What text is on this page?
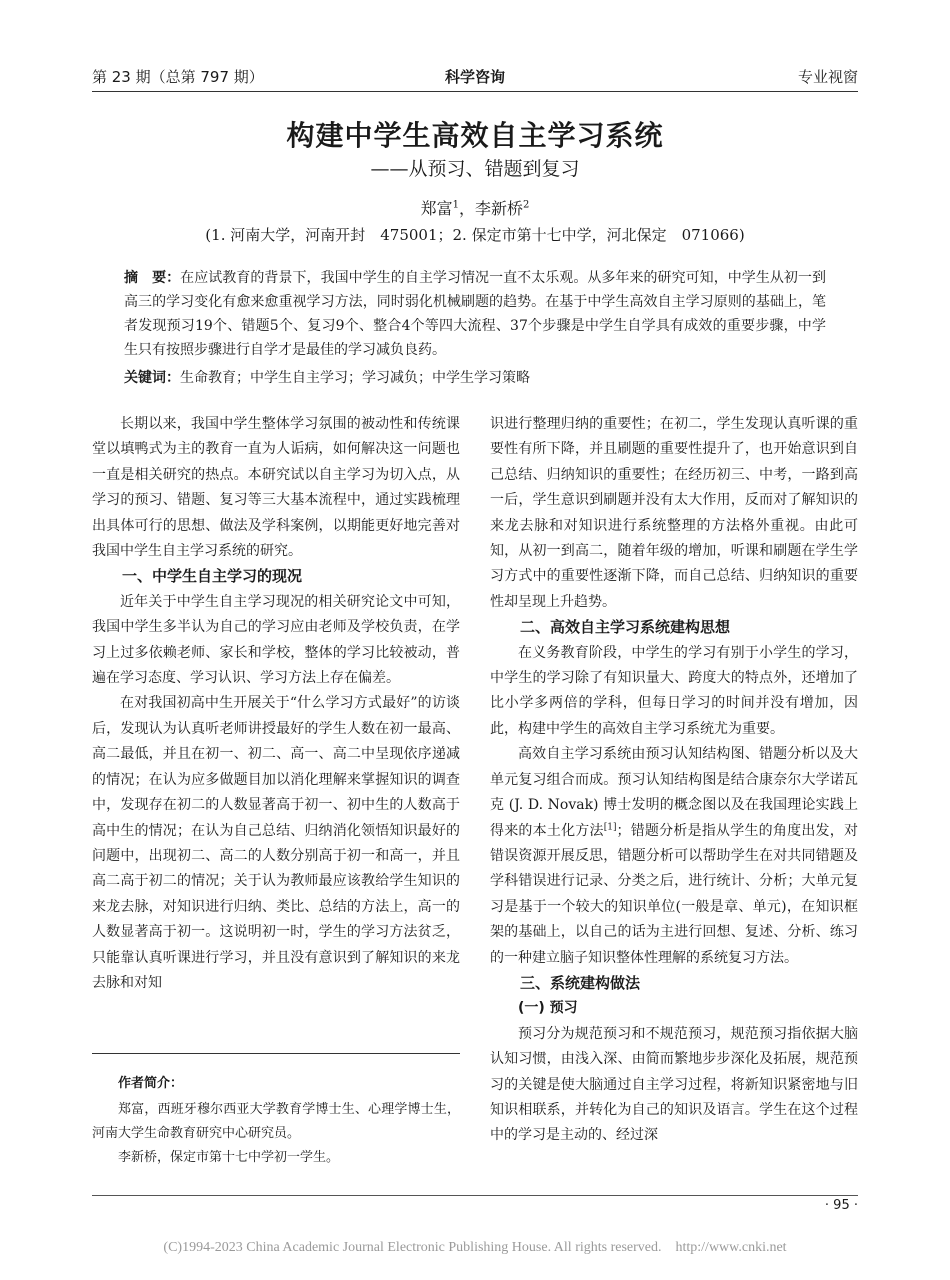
第 23 期（总第 797 期）	科学咨询	专业视窗
构建中学生高效自主学习系统
——从预习、错题到复习
郑富$^1$，李新桥$^2$
(1. 河南大学，河南开封　475001；2. 保定市第十七中学，河北保定　071066)
摘　要：在应试教育的背景下，我国中学生的自主学习情况一直不太乐观。从多年来的研究可知，中学生从初一到高三的学习变化有愈来愈重视学习方法，同时弱化机械刷题的趋势。在基于中学生高效自主学习原则的基础上，笔者发现预习19个、错题5个、复习9个、整合4个等四大流程、37个步骤是中学生自学具有成效的重要步骤，中学生只有按照步骤进行自学才是最佳的学习减负良药。
关键词：生命教育；中学生自主学习；学习减负；中学生学习策略

长期以来，我国中学生整体学习氛围的被动性和传统课堂以填鸭式为主的教育一直为人诟病，如何解决这一问题也一直是相关研究的热点。本研究试以自主学习为切入点，从学习的预习、错题、复习等三大基本流程中，通过实践梳理出具体可行的思想、做法及学科案例，以期能更好地完善对我国中学生自主学习系统的研究。

一、中学生自主学习的现况

近年关于中学生自主学习现况的相关研究论文中可知，我国中学生多半认为自己的学习应由老师及学校负责，在学习上过多依赖老师、家长和学校，整体的学习比较被动，普遍在学习态度、学习认识、学习方法上存在偏差。

在对我国初高中生开展关于“什么学习方式最好”的访谈后，发现认为认真听老师讲授最好的学生人数在初一最高、高二最低，并且在初一、初二、高一、高二中呈现依序递减的情况；在认为应多做题目加以消化理解来掌握知识的调查中，发现存在初二的人数显著高于初一、初中生的人数高于高中生的情况；在认为自己总结、归纳消化领悟知识最好的问题中，出现初二、高二的人数分别高于初一和高一，并且高二高于初二的情况；关于认为教师最应该教给学生知识的来龙去脉，对知识进行归纳、类比、总结的方法上，高一的人数显著高于初一。这说明初一时，学生的学习方法贫乏，只能靠认真听课进行学习，并且没有意识到了解知识的来龙去脉和对知

识进行整理归纳的重要性；在初二，学生发现认真听课的重要性有所下降，并且刷题的重要性提升了，也开始意识到自己总结、归纳知识的重要性；在经历初三、中考，一路到高一后，学生意识到刷题并没有太大作用，反而对了解知识的来龙去脉和对知识进行系统整理的方法格外重视。由此可知，从初一到高二，随着年级的增加，听课和刷题在学生学习方式中的重要性逐渐下降，而自己总结、归纳知识的重要性却呈现上升趋势。

二、高效自主学习系统建构思想

在义务教育阶段，中学生的学习有别于小学生的学习，中学生的学习除了有知识量大、跨度大的特点外，还增加了比小学多两倍的学科，但每日学习的时间并没有增加，因此，构建中学生的高效自主学习系统尤为重要。

高效自主学习系统由预习认知结构图、错题分析以及大单元复习组合而成。预习认知结构图是结合康奈尔大学诺瓦克 (J. D. Novak) 博士发明的概念图以及在我国理论实践上得来的本土化方法[1]；错题分析是指从学生的角度出发，对错误资源开展反思，错题分析可以帮助学生在对共同错题及学科错误进行记录、分类之后，进行统计、分析；大单元复习是基于一个较大的知识单位(一般是章、单元)，在知识框架的基础上，以自己的话为主进行回想、复述、分析、练习的一种建立脑子知识整体性理解的系统复习方法。

三、系统建构做法
(一) 预习

预习分为规范预习和不规范预习，规范预习指依据大脑认知习惯，由浅入深、由简而繁地步步深化及拓展，规范预习的关键是使大脑通过自主学习过程，将新知识紧密地与旧知识相联系，并转化为自己的知识及语言。学生在这个过程中的学习是主动的、经过深

作者简介：

郑富，西班牙穆尔西亚大学教育学博士生、心理学博士生，河南大学生命教育研究中心研究员。

李新桥，保定市第十七中学初一学生。

· 95 ·
(C)1994-2023 China Academic Journal Electronic Publishing House. All rights reserved.　http://www.cnki.net
